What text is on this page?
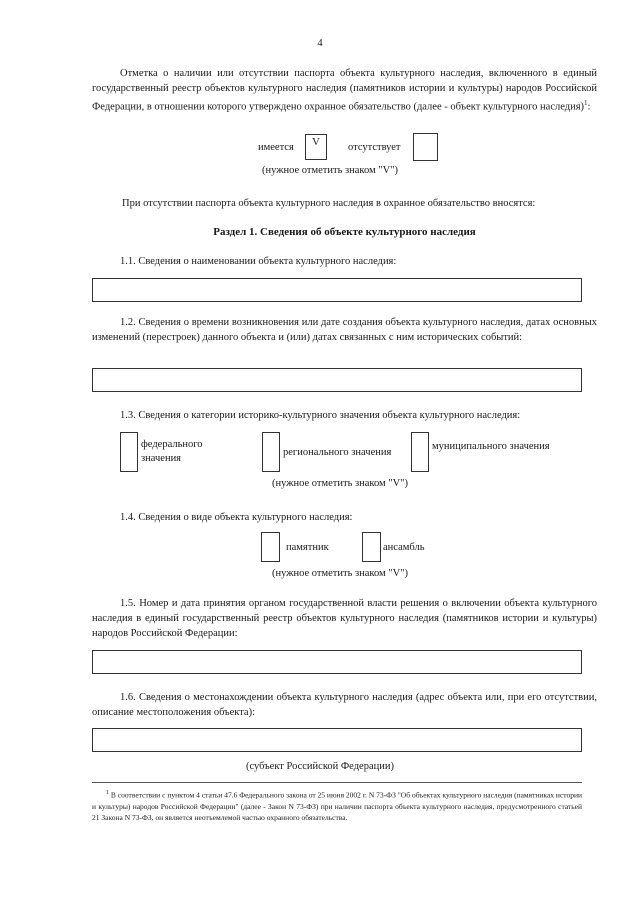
4
Отметка о наличии или отсутствии паспорта объекта культурного наследия, включенного в единый государственный реестр объектов культурного наследия (памятников истории и культуры) народов Российской Федерации, в отношении которого утверждено охранное обязательство (далее - объект культурного наследия)$^1$:
имеется	V	отсутствует
(нужное отметить знаком "V")
При отсутствии паспорта объекта культурного наследия в охранное обязательство вносятся:
Раздел 1. Сведения об объекте культурного наследия
1.1. Сведения о наименовании объекта культурного наследия:
1.2. Сведения о времени возникновения или дате создания объекта культурного наследия, датах основных изменений (перестроек) данного объекта и (или) датах связанных с ним исторических событий:
1.3. Сведения о категории историко-культурного значения объекта культурного наследия:
федерального значения
регионального значения
муниципального значения
(нужное отметить знаком "V")
1.4. Сведения о виде объекта культурного наследия:
памятник	ансамбль
(нужное отметить знаком "V")
1.5. Номер и дата принятия органом государственной власти решения о включении объекта культурного наследия в единый государственный реестр объектов культурного наследия (памятников истории и культуры) народов Российской Федерации:
1.6. Сведения о местонахождении объекта культурного наследия (адрес объекта или, при его отсутствии, описание местоположения объекта):
(субъект Российской Федерации)
$^1$ В соответствии с пунктом 4 статьи 47.6 Федерального закона от 25 июня 2002 г. N 73-ФЗ "Об объектах культурного наследия (памятниках истории и культуры) народов Российской Федерации" (далее - Закон N 73-ФЗ) при наличии паспорта объекта культурного наследия, предусмотренного статьей 21 Закона N 73-ФЗ, он является неотъемлемой частью охранного обязательства.
